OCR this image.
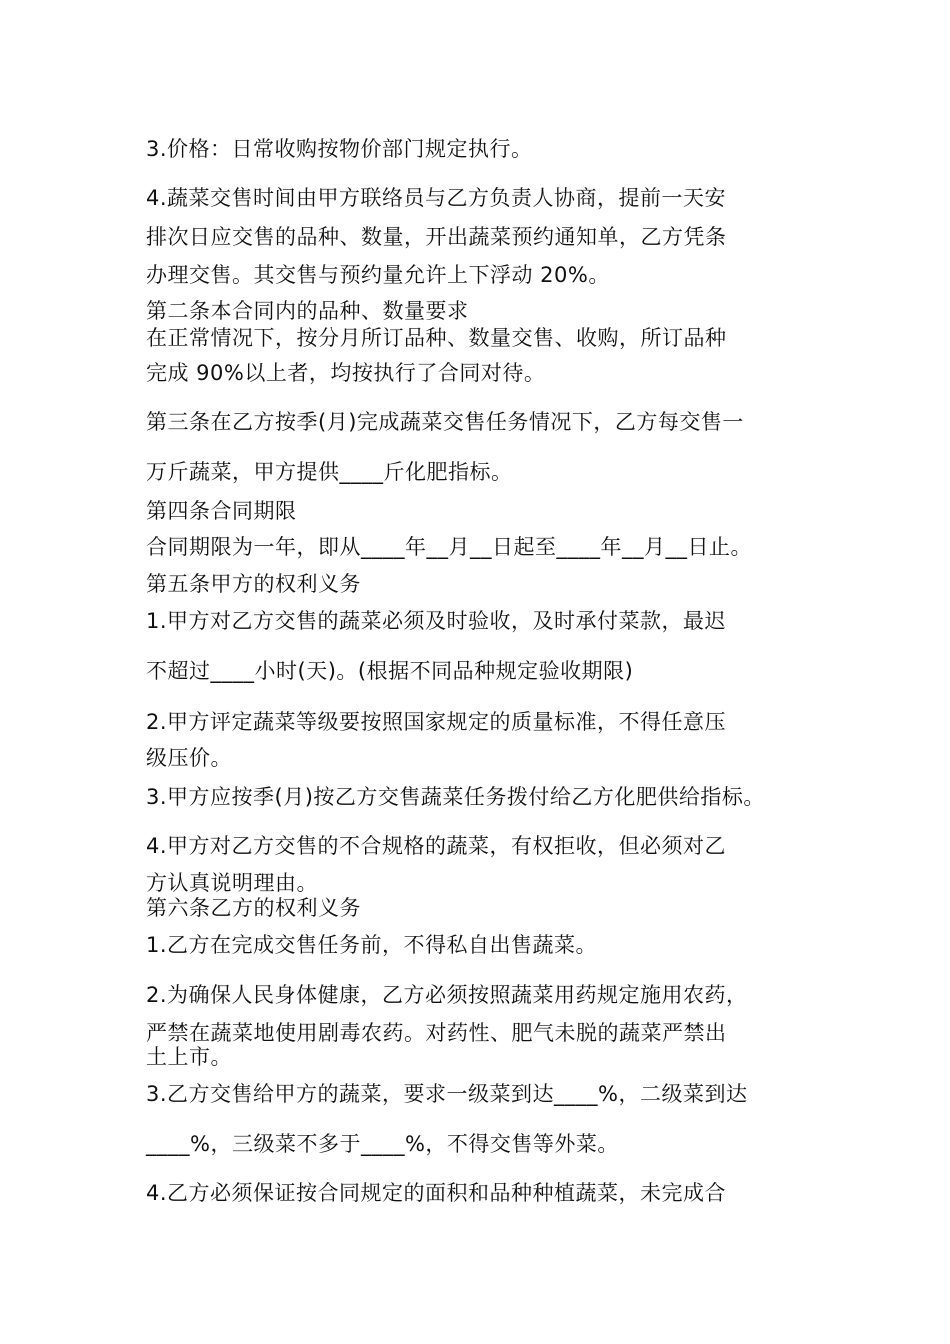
3.价格：日常收购按物价部门规定执行。
4.蔬菜交售时间由甲方联络员与乙方负责人协商，提前一天安
排次日应交售的品种、数量，开出蔬菜预约通知单，乙方凭条
办理交售。其交售与预约量允许上下浮动 20%。
第二条本合同内的品种、数量要求
在正常情况下，按分月所订品种、数量交售、收购，所订品种
完成 90%以上者，均按执行了合同对待。
第三条在乙方按季(月)完成蔬菜交售任务情况下，乙方每交售一
万斤蔬菜，甲方提供____斤化肥指标。
第四条合同期限
合同期限为一年，即从____年__月__日起至____年__月__日止。
第五条甲方的权利义务
1.甲方对乙方交售的蔬菜必须及时验收，及时承付菜款，最迟
不超过____小时(天)。(根据不同品种规定验收期限)
2.甲方评定蔬菜等级要按照国家规定的质量标准，不得任意压
级压价。
3.甲方应按季(月)按乙方交售蔬菜任务拨付给乙方化肥供给指标。
4.甲方对乙方交售的不合规格的蔬菜，有权拒收，但必须对乙
方认真说明理由。
第六条乙方的权利义务
1.乙方在完成交售任务前，不得私自出售蔬菜。
2.为确保人民身体健康，乙方必须按照蔬菜用药规定施用农药，
严禁在蔬菜地使用剧毒农药。对药性、肥气未脱的蔬菜严禁出
土上市。
3.乙方交售给甲方的蔬菜，要求一级菜到达____%，二级菜到达
____%，三级菜不多于____%，不得交售等外菜。
4.乙方必须保证按合同规定的面积和品种种植蔬菜，未完成合
